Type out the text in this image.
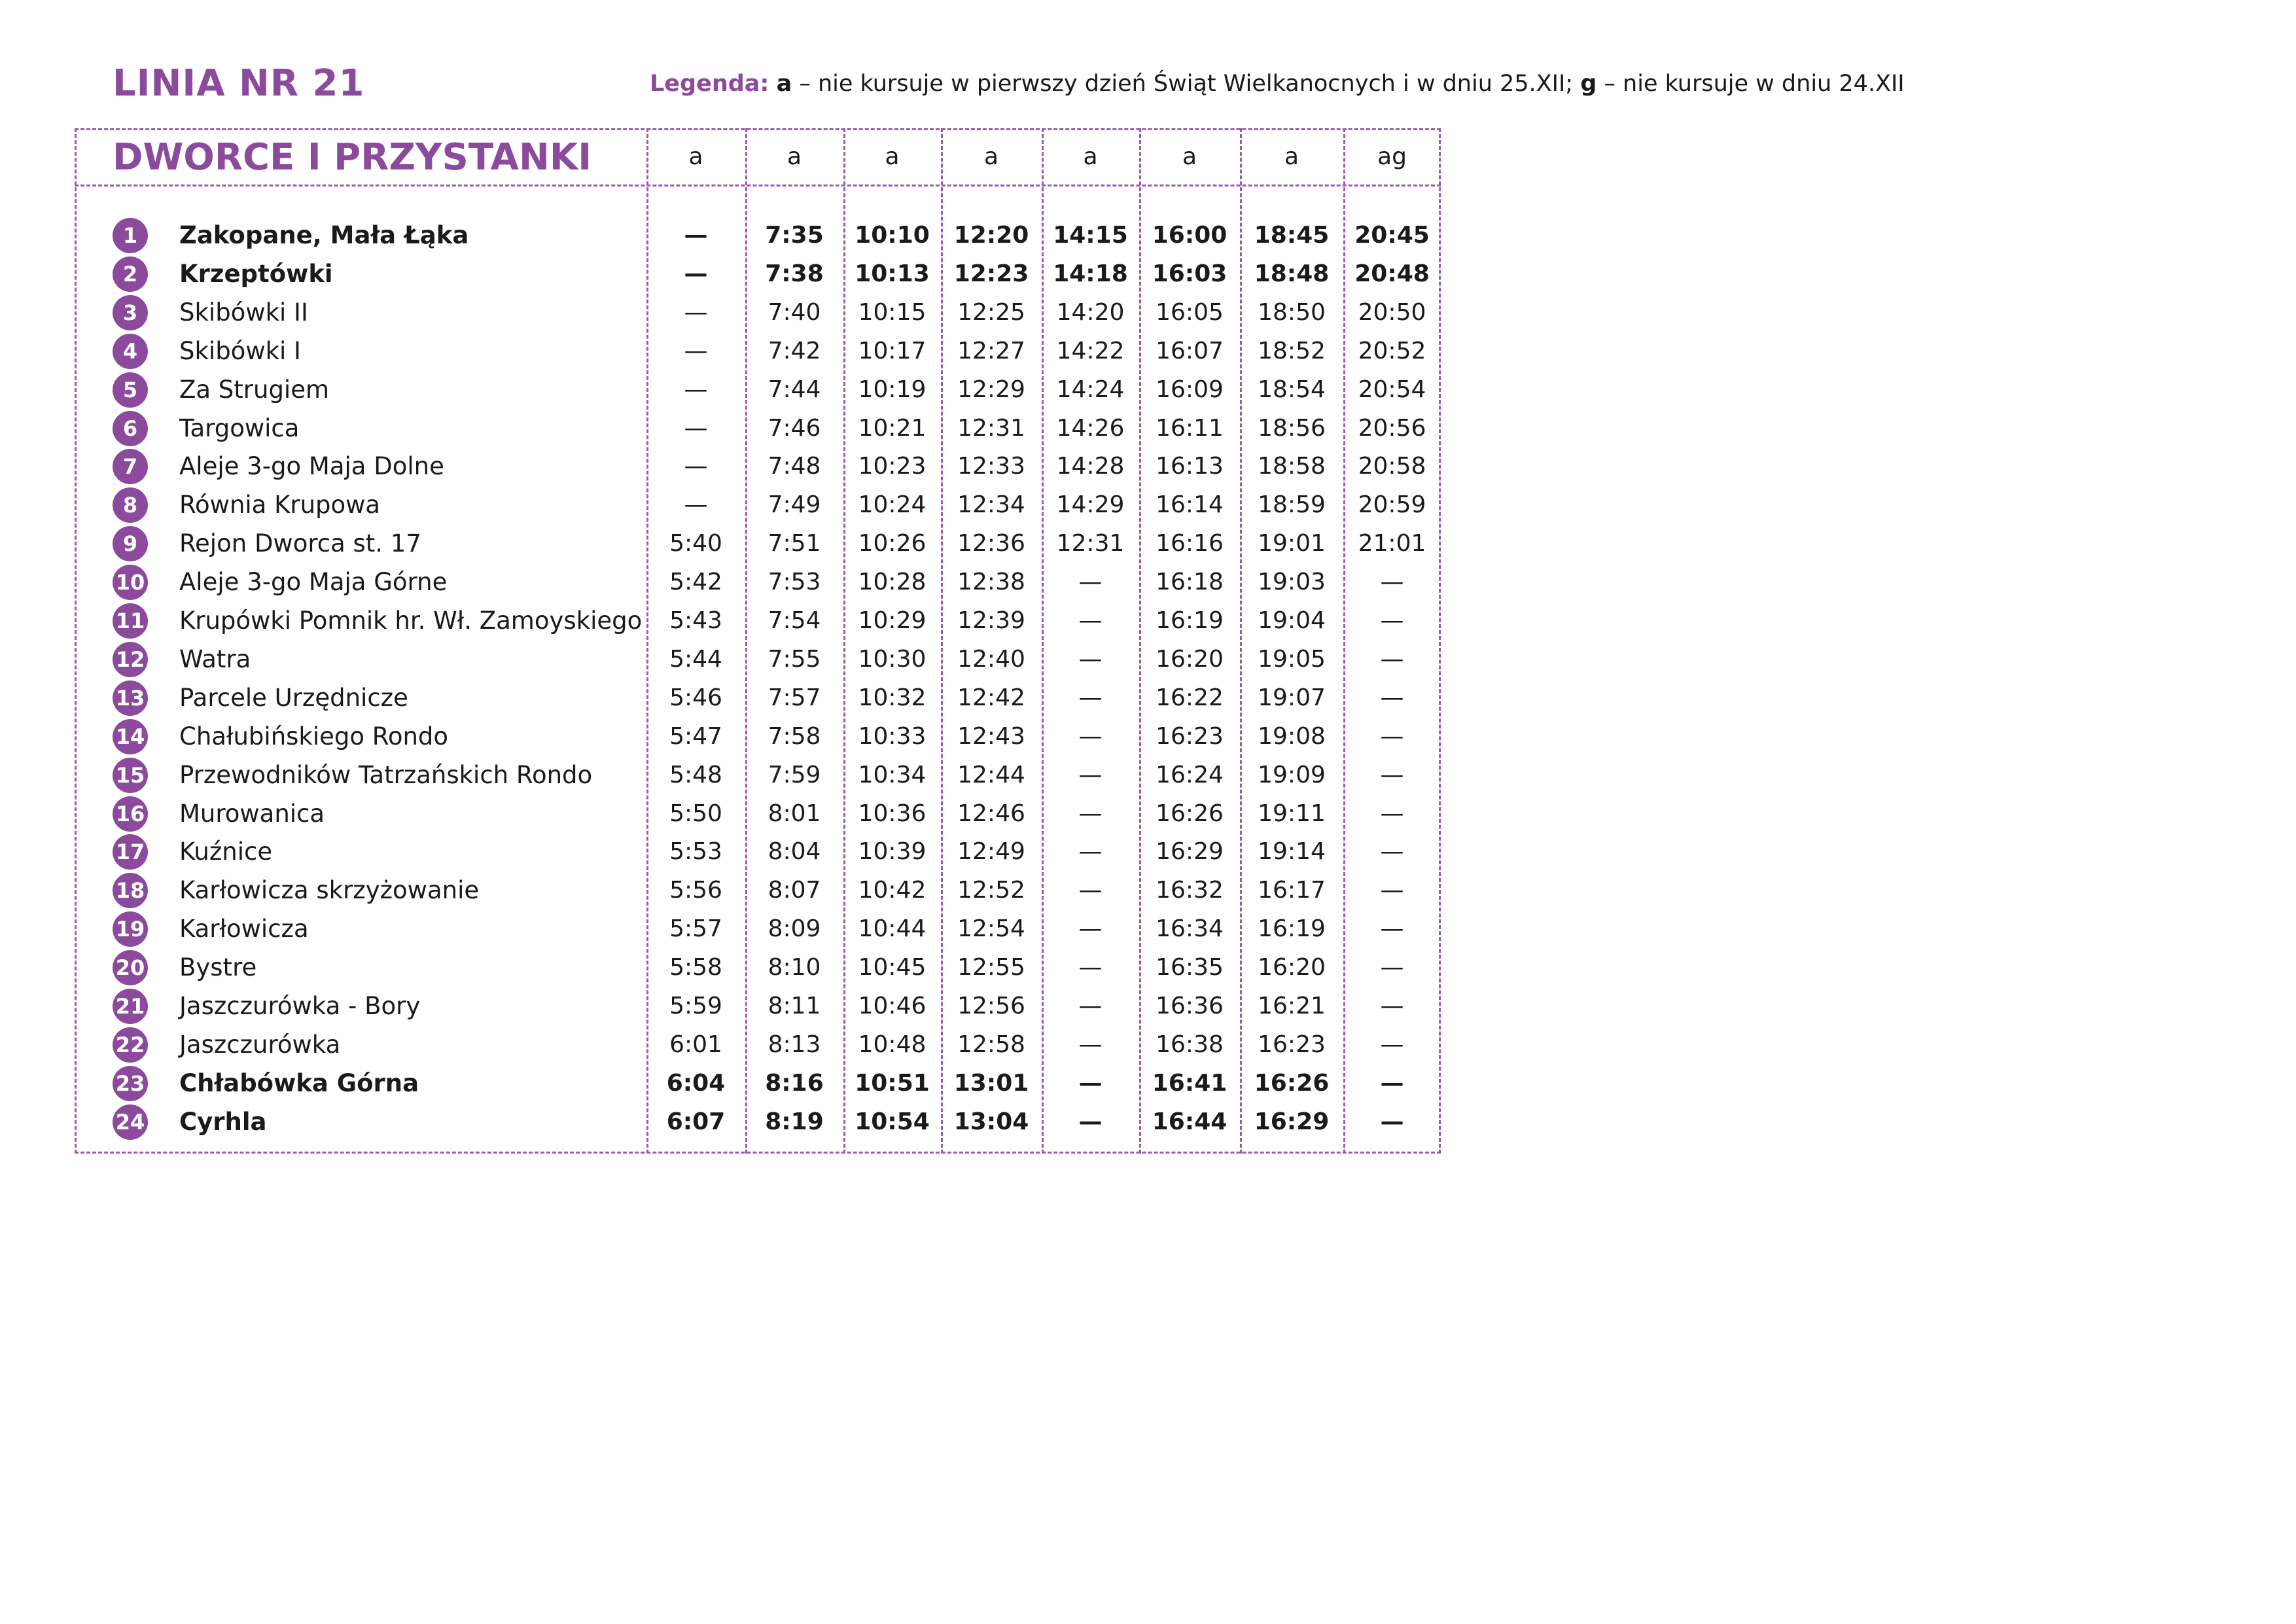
LINIA NR 21	Legenda: a – nie kursuje w pierwszy dzień Świąt Wielkanocnych i w dniu 25.XII; g – nie kursuje w dniu 24.XII
DWORCE I PRZYSTANKI	a	a	a	a	a	a	a	ag
1	Zakopane, Mała Łąka	—	7:35	10:10	12:20	14:15	16:00	18:45	20:45
2	Krzeptówki	—	7:38	10:13	12:23	14:18	16:03	18:48	20:48
3	Skibówki II	—	7:40	10:15	12:25	14:20	16:05	18:50	20:50
4	Skibówki I	—	7:42	10:17	12:27	14:22	16:07	18:52	20:52
5	Za Strugiem	—	7:44	10:19	12:29	14:24	16:09	18:54	20:54
6	Targowica	—	7:46	10:21	12:31	14:26	16:11	18:56	20:56
7	Aleje 3-go Maja Dolne	—	7:48	10:23	12:33	14:28	16:13	18:58	20:58
8	Równia Krupowa	—	7:49	10:24	12:34	14:29	16:14	18:59	20:59
9	Rejon Dworca st. 17	5:40	7:51	10:26	12:36	12:31	16:16	19:01	21:01
10 Aleje 3-go Maja Górne	5:42	7:53	10:28	12:38	—	16:18	19:03	—
11 Krupówki Pomnik hr. Wł. Zamoyskiego	5:43	7:54	10:29	12:39	—	16:19	19:04	—
12 Watra	5:44	7:55	10:30	12:40	—	16:20	19:05	—
13 Parcele Urzędnicze	5:46	7:57	10:32	12:42	—	16:22	19:07	—
14 Chałubińskiego Rondo	5:47	7:58	10:33	12:43	—	16:23	19:08	—
15 Przewodników Tatrzańskich Rondo	5:48	7:59	10:34	12:44	—	16:24	19:09	—
16 Murowanica	5:50	8:01	10:36	12:46	—	16:26	19:11	—
17 Kuźnice	5:53	8:04	10:39	12:49	—	16:29	19:14	—
18 Karłowicza skrzyżowanie	5:56	8:07	10:42	12:52	—	16:32	16:17	—
19 Karłowicza	5:57	8:09	10:44	12:54	—	16:34	16:19	—
20 Bystre	5:58	8:10	10:45	12:55	—	16:35	16:20	—
21 Jaszczurówka - Bory	5:59	8:11	10:46	12:56	—	16:36	16:21	—
22 Jaszczurówka	6:01	8:13	10:48	12:58	—	16:38	16:23	—
23 Chłabówka Górna	6:04	8:16	10:51	13:01	—	16:41	16:26	—
24 Cyrhla	6:07	8:19	10:54	13:04	—	16:44	16:29	—
